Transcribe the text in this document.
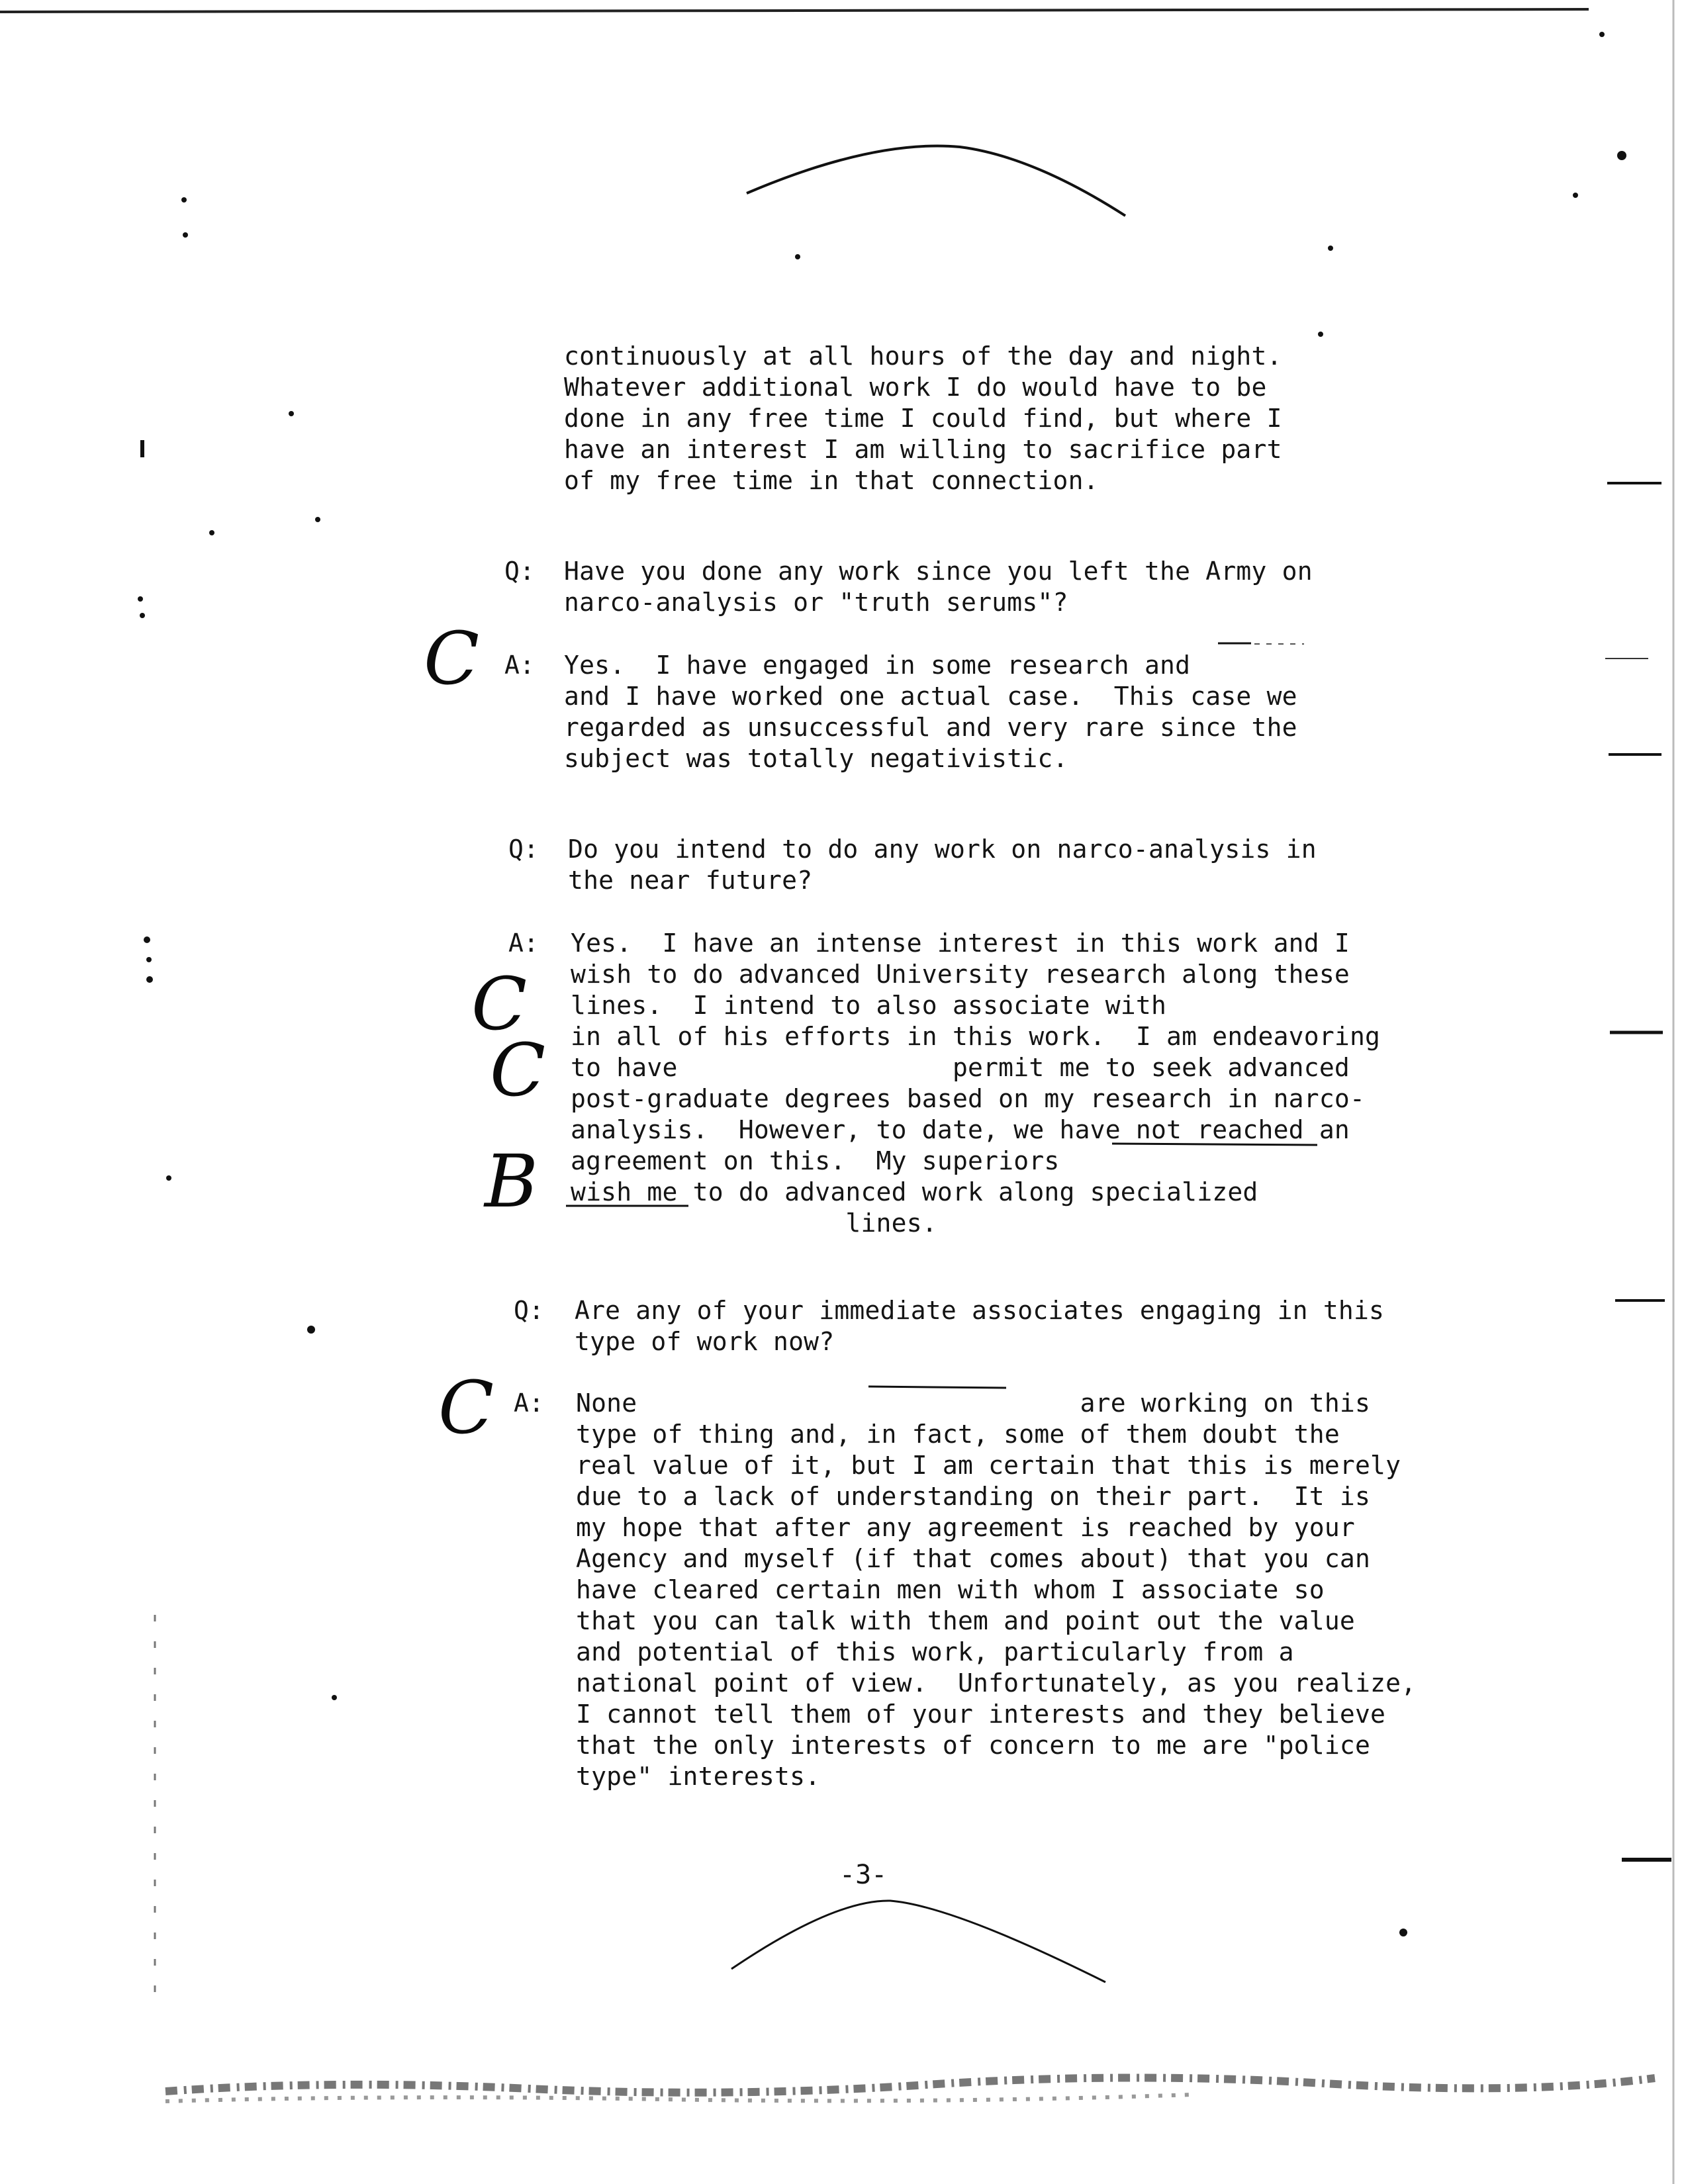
continuously at all hours of the day and night.
Whatever additional work I do would have to be
done in any free time I could find, but where I
have an interest I am willing to sacrifice part
of my free time in that connection.
Q: Have you done any work since you left the Army on
narco-analysis or "truth serums"?
A: Yes.  I have engaged in some research and
and I have worked one actual case.  This case we
regarded as unsuccessful and very rare since the
subject was totally negativistic.
Q: Do you intend to do any work on narco-analysis in
the near future?
A: Yes.  I have an intense interest in this work and I
wish to do advanced University research along these
lines.  I intend to also associate with
in all of his efforts in this work.  I am endeavoring
to have                  permit me to seek advanced
post-graduate degrees based on my research in narco-
analysis.  However, to date, we have not reached an
agreement on this.  My superiors
wish me to do advanced work along specialized
lines.
Q: Are any of your immediate associates engaging in this
type of work now?
A: None                             are working on this
type of thing and, in fact, some of them doubt the
real value of it, but I am certain that this is merely
due to a lack of understanding on their part.  It is
my hope that after any agreement is reached by your
Agency and myself (if that comes about) that you can
have cleared certain men with whom I associate so
that you can talk with them and point out the value
and potential of this work, particularly from a
national point of view.  Unfortunately, as you realize,
I cannot tell them of your interests and they believe
that the only interests of concern to me are "police
type" interests.
C
C
C
B
C
-3-
